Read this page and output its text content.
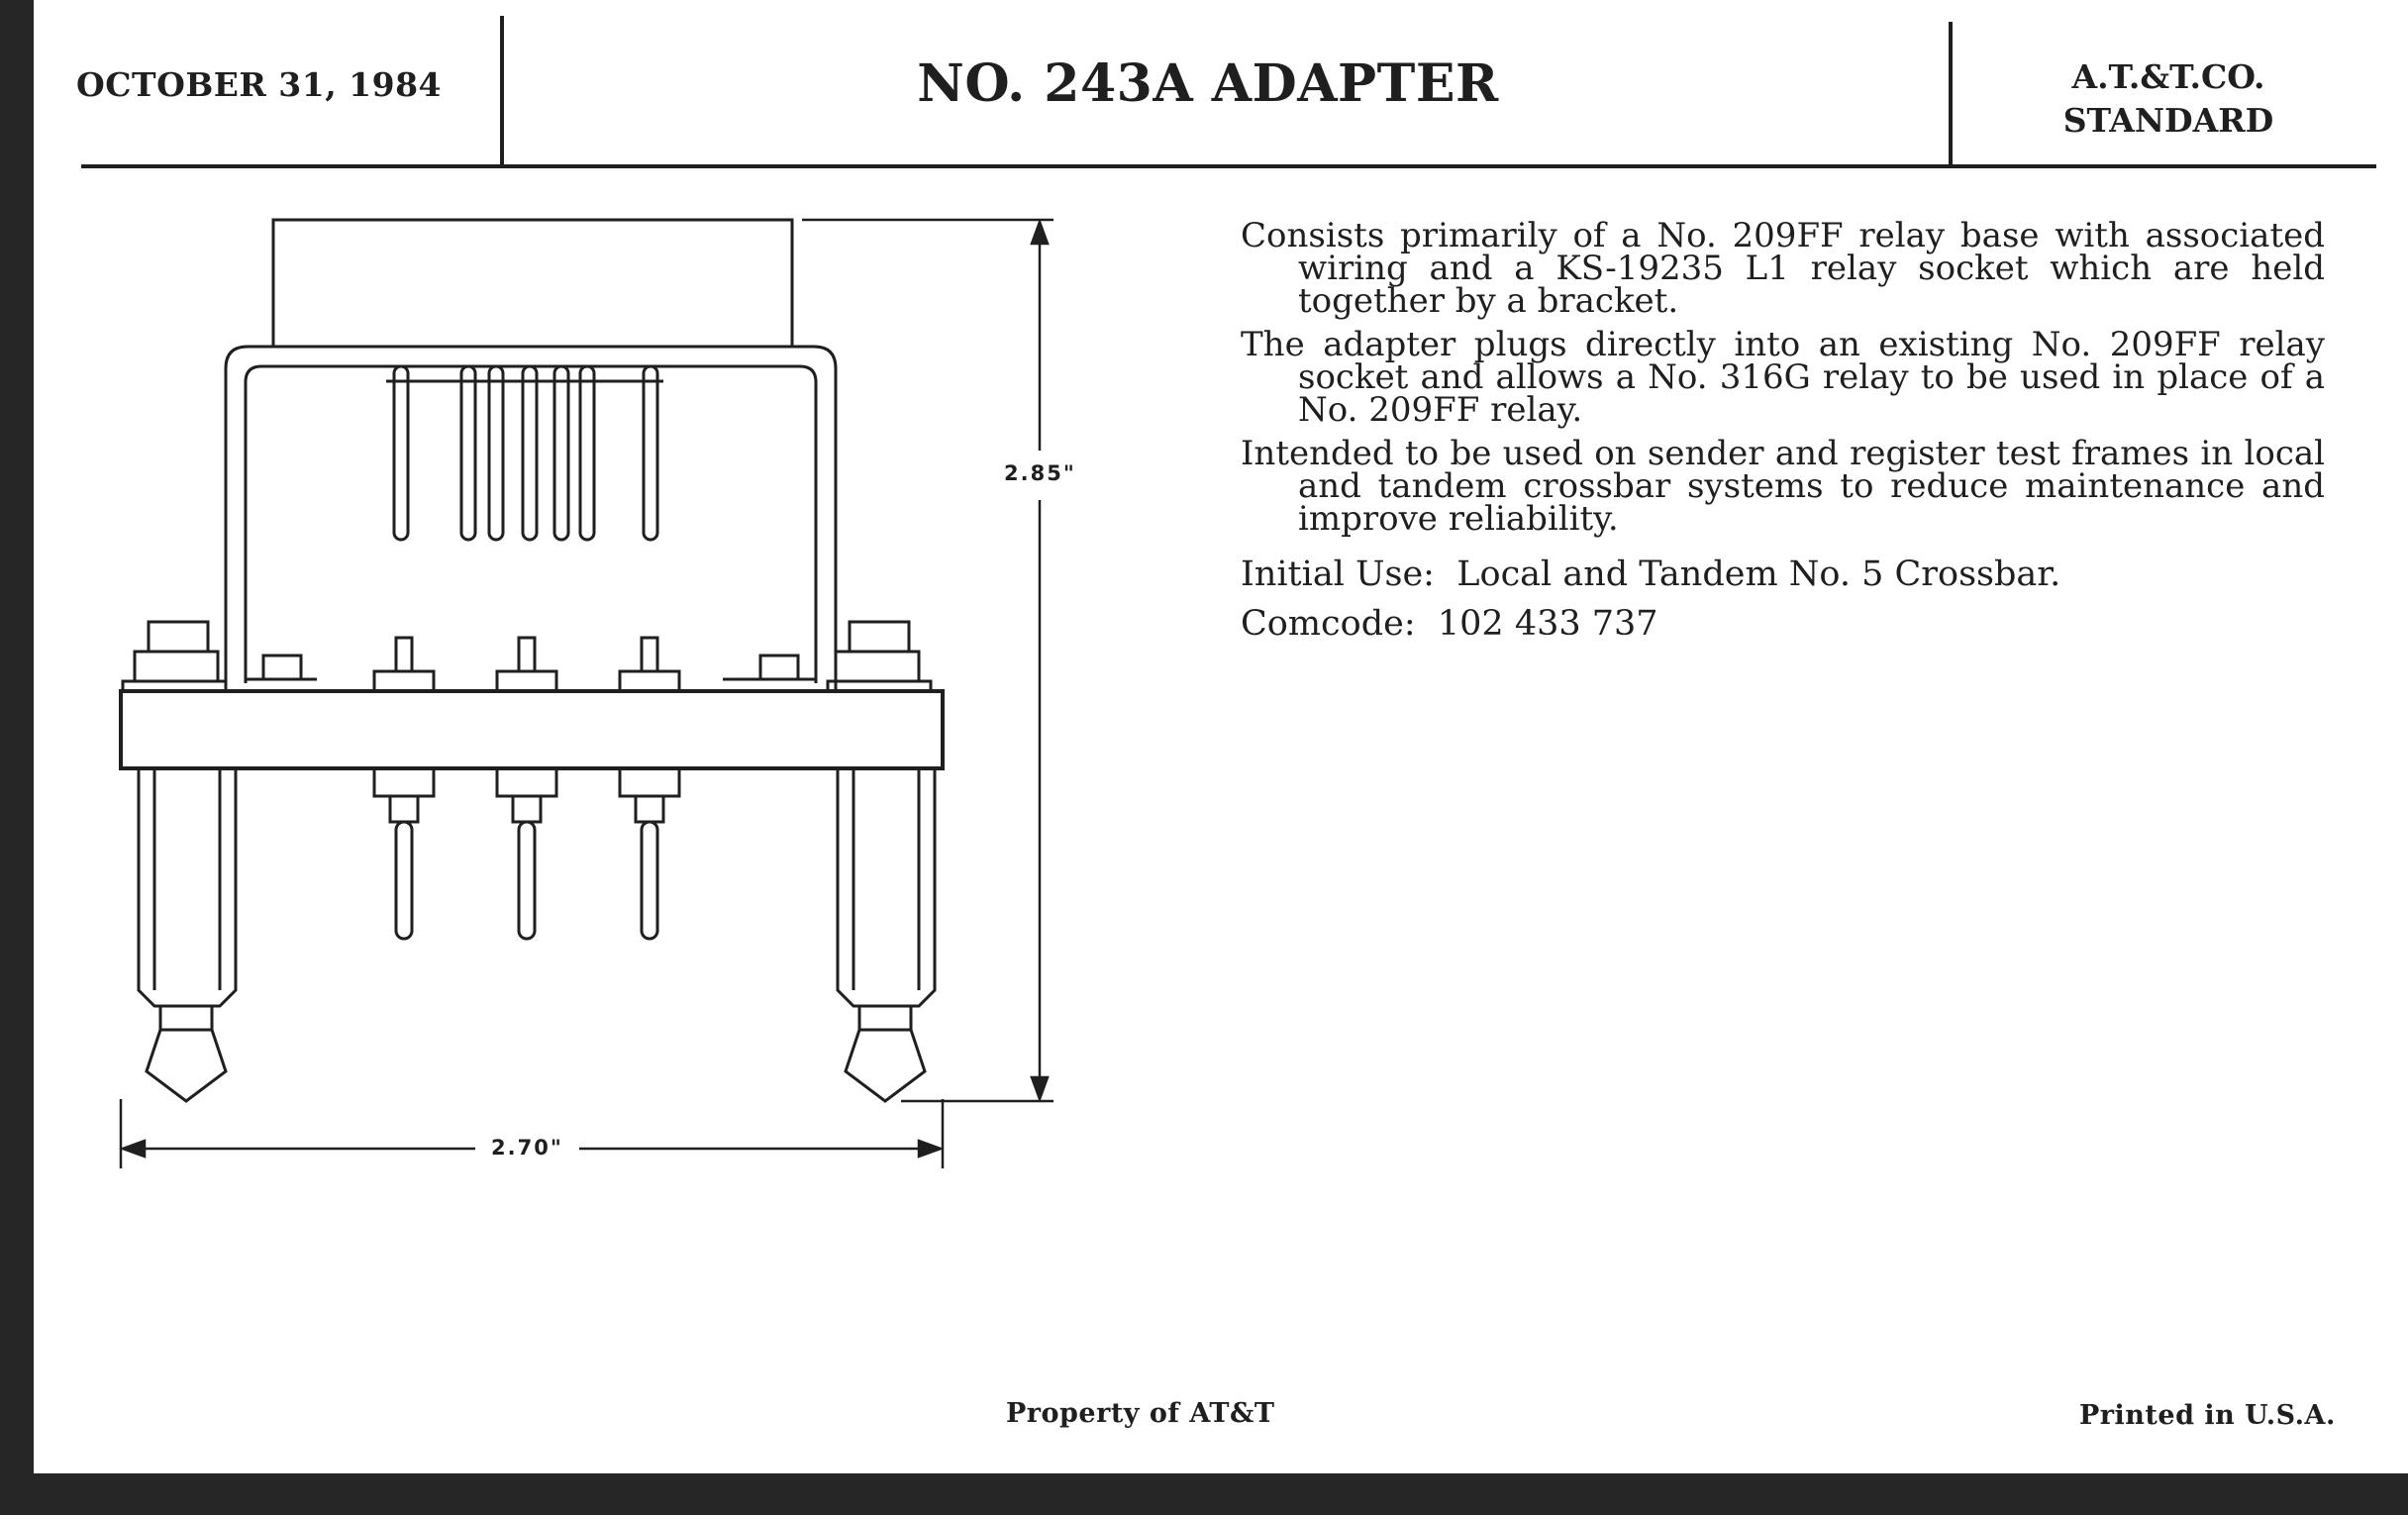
OCTOBER 31, 1984	NO. 243A ADAPTER	A.T.&T.CO.
STANDARD
2.85"
2.70"

Consists primarily of a No. 209FF relay base with associated wiring and a KS-19235 L1 relay socket which are held together by a bracket.

The adapter plugs directly into an existing No. 209FF relay socket and allows a No. 316G relay to be used in place of a No. 209FF relay.

Intended to be used on sender and register test frames in local and tandem crossbar systems to reduce maintenance and improve reliability.

Initial Use: Local and Tandem No. 5 Crossbar.
Comcode: 102 433 737
Property of AT&T	Printed in U.S.A.
